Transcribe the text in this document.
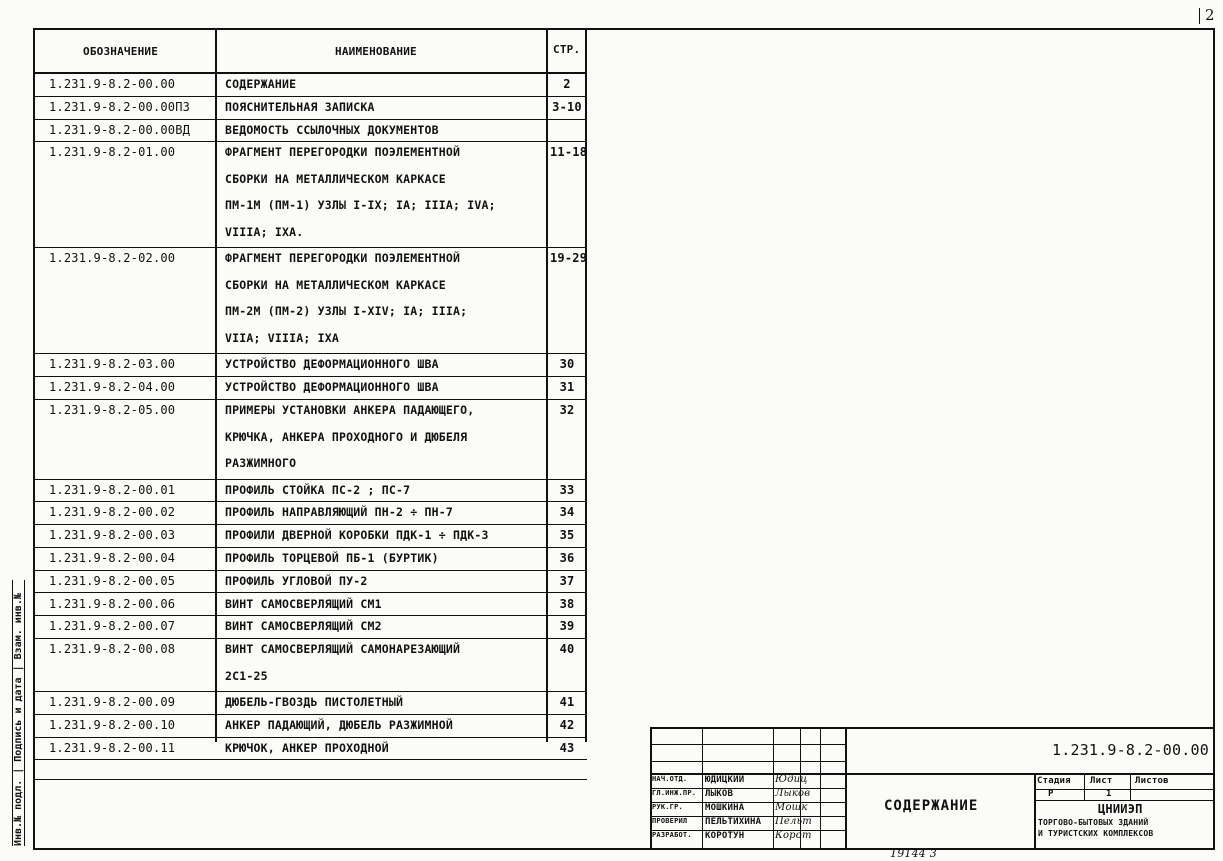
2
Инв.№ подл. | Подпись и дата | Взам. инв.№
ОБОЗНАЧЕНИЕ	НАИМЕНОВАНИЕ	СТР.
1.231.9-8.2-00.00	СОДЕРЖАНИЕ	2
1.231.9-8.2-00.00ПЗ	ПОЯСНИТЕЛЬНАЯ ЗАПИСКА	3-10
1.231.9-8.2-00.00ВД	ВЕДОМОСТЬ ССЫЛОЧНЫХ ДОКУМЕНТОВ
1.231.9-8.2-01.00	ФРАГМЕНТ ПЕРЕГОРОДКИ ПОЭЛЕМЕНТНОЙ
СБОРКИ НА МЕТАЛЛИЧЕСКОМ КАРКАСЕ
ПМ-1М (ПМ-1) УЗЛЫ I-IX; IА; IIIА; IVА;
VIIIА; IXА.
11-18
1.231.9-8.2-02.00	ФРАГМЕНТ ПЕРЕГОРОДКИ ПОЭЛЕМЕНТНОЙ
СБОРКИ НА МЕТАЛЛИЧЕСКОМ КАРКАСЕ
ПМ-2М (ПМ-2) УЗЛЫ I-XIV; IА; IIIА;
VIIА; VIIIА; IXА
19-29
1.231.9-8.2-03.00	УСТРОЙСТВО ДЕФОРМАЦИОННОГО ШВА	30
1.231.9-8.2-04.00	УСТРОЙСТВО ДЕФОРМАЦИОННОГО ШВА	31
1.231.9-8.2-05.00	ПРИМЕРЫ УСТАНОВКИ АНКЕРА ПАДАЮЩЕГО,
КРЮЧКА, АНКЕРА ПРОХОДНОГО И ДЮБЕЛЯ
РАЗЖИМНОГО
32
1.231.9-8.2-00.01	ПРОФИЛЬ СТОЙКА ПС-2 ; ПС-7	33
1.231.9-8.2-00.02	ПРОФИЛЬ НАПРАВЛЯЮЩИЙ ПН-2 ÷ ПН-7	34
1.231.9-8.2-00.03	ПРОФИЛИ ДВЕРНОЙ КОРОБКИ ПДК-1 ÷ ПДК-3	35
1.231.9-8.2-00.04	ПРОФИЛЬ ТОРЦЕВОЙ ПБ-1 (БУРТИК)	36
1.231.9-8.2-00.05	ПРОФИЛЬ УГЛОВОЙ ПУ-2	37
1.231.9-8.2-00.06	ВИНТ САМОСВЕРЛЯЩИЙ СМ1	38
1.231.9-8.2-00.07	ВИНТ САМОСВЕРЛЯЩИЙ СМ2	39
1.231.9-8.2-00.08	ВИНТ САМОСВЕРЛЯЩИЙ САМОНАРЕЗАЮЩИЙ
2С1-25
40
1.231.9-8.2-00.09	ДЮБЕЛЬ-ГВОЗДЬ ПИСТОЛЕТНЫЙ	41
1.231.9-8.2-00.10	АНКЕР ПАДАЮЩИЙ, ДЮБЕЛЬ РАЗЖИМНОЙ	42
1.231.9-8.2-00.11	КРЮЧОК, АНКЕР ПРОХОДНОЙ	43	1.231.9-8.2-00.00
СОДЕРЖАНИЕ
Стадия Лист	Листов
Р	1
ЦНИИЭП
ТОРГОВО-БЫТОВЫХ ЗДАНИЙ
И ТУРИСТСКИХ КОМПЛЕКСОВ
НАЧ.ОТД. ЮДИЦКИЙ	Юдиц
ГЛ.ИНЖ.ПР. ЛЫКОВ	Лыков
РУК.ГР. МОШКИНА	Мошк
ПРОВЕРИЛ ПЕЛЬТИХИНА Пельт
РАЗРАБОТ. КОРОТУН	Корот
19144 3
